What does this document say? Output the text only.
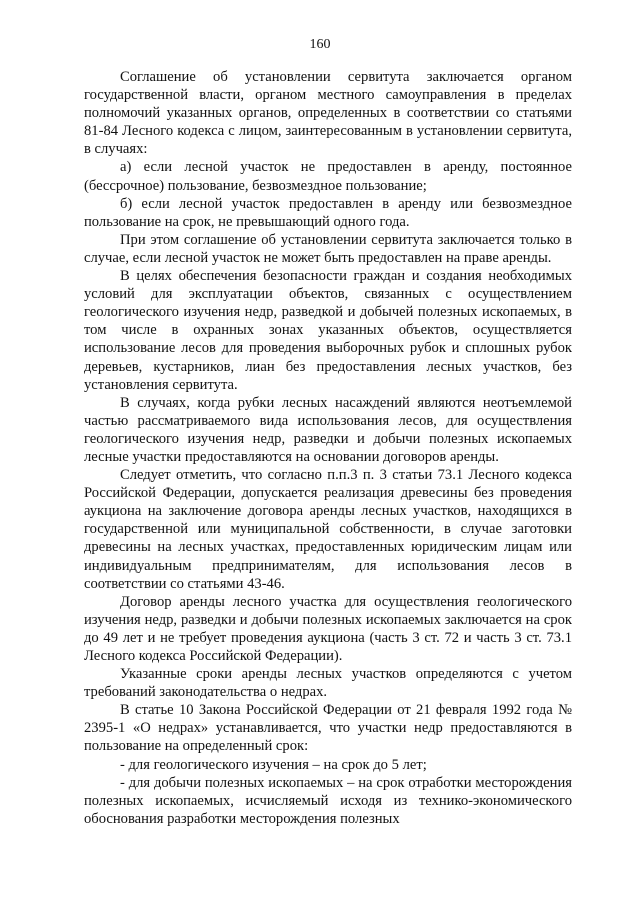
160

Соглашение об установлении сервитута заключается органом государственной власти, органом местного самоуправления в пределах полномочий указанных органов, определенных в соответствии со статьями 81-84 Лесного кодекса с лицом, заинтересованным в установлении сервитута, в случаях:

а) если лесной участок не предоставлен в аренду, постоянное (бессрочное) пользование, безвозмездное пользование;

б) если лесной участок предоставлен в аренду или безвозмездное пользование на срок, не превышающий одного года.

При этом соглашение об установлении сервитута заключается только в случае, если лесной участок не может быть предоставлен на праве аренды.

В целях обеспечения безопасности граждан и создания необходимых условий для эксплуатации объектов, связанных с осуществлением геологического изучения недр, разведкой и добычей полезных ископаемых, в том числе в охранных зонах указанных объектов, осуществляется использование лесов для проведения выборочных рубок и сплошных рубок деревьев, кустарников, лиан без предоставления лесных участков, без установления сервитута.

В случаях, когда рубки лесных насаждений являются неотъемлемой частью рассматриваемого вида использования лесов, для осуществления геологического изучения недр, разведки и добычи полезных ископаемых лесные участки предоставляются на основании договоров аренды.

Следует отметить, что согласно п.п.3 п. 3 статьи 73.1 Лесного кодекса Российской Федерации, допускается реализация древесины без проведения аукциона на заключение договора аренды лесных участков, находящихся в государственной или муниципальной собственности, в случае заготовки древесины на лесных участках, предоставленных юридическим лицам или индивидуальным предпринимателям, для использования лесов в соответствии со статьями 43-46.

Договор аренды лесного участка для осуществления геологического изучения недр, разведки и добычи полезных ископаемых заключается на срок до 49 лет и не требует проведения аукциона (часть 3 ст. 72 и часть 3 ст. 73.1 Лесного кодекса Российской Федерации).

Указанные сроки аренды лесных участков определяются с учетом требований законодательства о недрах.

В статье 10 Закона Российской Федерации от 21 февраля 1992 года № 2395-1 «О недрах» устанавливается, что участки недр предоставляются в пользование на определенный срок:

- для геологического изучения – на срок до 5 лет;

- для добычи полезных ископаемых – на срок отработки месторождения полезных ископаемых, исчисляемый исходя из технико-экономического обоснования разработки месторождения полезных
